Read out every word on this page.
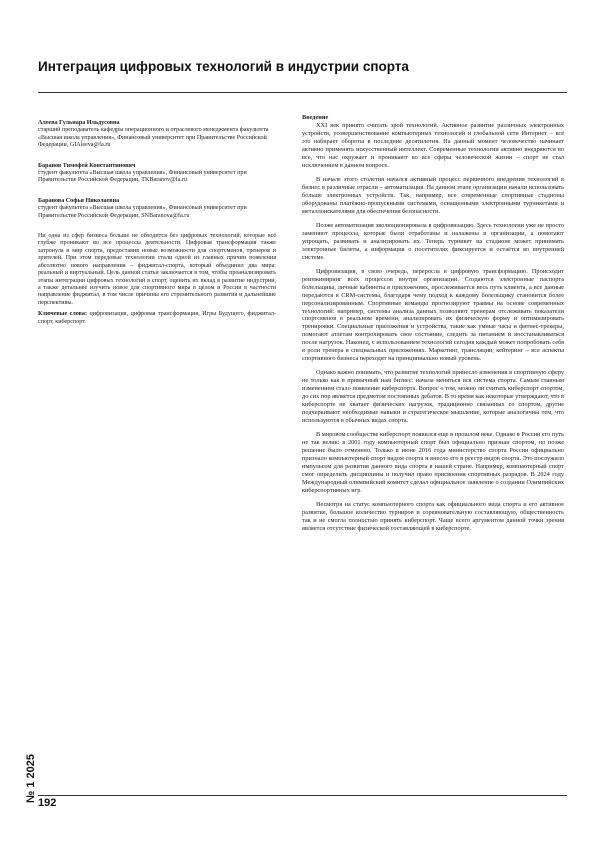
Интеграция цифровых технологий в индустрии спорта
Алеева Гульнара Ильдусовна
старший преподаватель кафедры операционного и отраслевого менеджмента факультета «Высшая школа управления», Финансовый университет при Правительстве Российской Федерации, GIAleeva@fa.ru
Баранов Тимофей Константинович
студент факультета «Высшая школа управления», Финансовый университет при Правительстве Российской Федерации, TKBaranov@fa.ru
Баранова Софья Николаевна
студент факультета «Высшая школа управления», Финансовый университет при Правительстве Российской Федерации, SNBaranova@fa.ru
Ни одна из сфер бизнеса больше не обходится без цифровых технологий, которые всё глубже проникают во все процессы деятельности. Цифровая трансформация также затронула и мир спорта, предоставив новые возможности для спортсменов, тренеров и зрителей. При этом передовые технологии стали одной из главных причин появления абсолютно нового направления – фиджитал-спорта, который объединил два мира: реальный и виртуальный. Цель данной статьи заключается в том, чтобы проанализировать этапы интеграции цифровых технологий в спорт, оценить их вклад в развитие индустрии, а также детальнее изучить новое для спортивного мира в целом и России в частности направление фиджитал, в том числе причины его стремительного развития и дальнейшие перспективы.
Ключевые слова: цифровизация, цифровая трансформация, Игры Будущего, фиджитал-спорт, киберспорт.
Введение

XXI век принято считать эрой технологий. Активное развитие различных электронных устройств, усовершенствование компьютерных технологий и глобальной сети Интернет – всё это набирает обороты в последние десятилетия. На данный момент человечество начинает активно применять искусственный интеллект. Современные технологии активно внедряются во все, что нас окружает и проникают во все сферы человеческой жизни – спорт не стал исключением в данном вопросе.

В начале этого столетия начался активный процесс первичного внедрения технологий в бизнес в различные отрасли – автоматизация. На данном этапе организации начали использовать больше электронных устройств. Так, например, все современные спортивные стадионы оборудованы платёжно-пропускными системами, оснащенными электронными турникетами и металлоискателями для обеспечения безопасности.

Позже автоматизация эволюционировала в цифровизацию. Здесь технологии уже не просто заменяют процессы, которые были отработаны и налажены в организации, а помогают упрощать, развивать и анализировать их. Теперь турникет на стадионе может принимать электронные билеты, а информация о посетителях фиксируется и остаётся во внутренней системе.

Цифровизация, в свою очередь, переросла в цифровую трансформацию. Происходит реинжиниринг всех процессов внутри организации. Создаются электронные паспорта болельщика, личные кабинеты в приложениях, прослеживается весь путь клиента, а все данные передаются в CRM-системы, благодаря чему подход к каждому болельщику становится более персонализированным. Спортивные команды прогнозируют травмы на основе современных технологий: например, системы анализа данных позволяют тренерам отслеживать показатели спортсменов в реальном времени, анализировать их физическую форму и оптимизировать тренировки. Специальные приложения и устройства, такие как умные часы и фитнес-трекеры, помогают атлетам контролировать свое состояние, следить за питанием и восстанавливаться после нагрузок. Наконец, с использованием технологий сегодня каждый может попробовать себя в роли тренера в специальных приложениях. Маркетинг, трансляции, кейтеринг – все аспекты спортивного бизнеса переходят на принципиально новый уровень.

Однако важно понимать, что развитие технологий принесло изменения в спортивную сферу не только как в привычный нам бизнес: начала меняться вся система спорта. Самым главным изменением стало появление киберспорта. Вопрос о том, можно ли считать киберспорт спортом, до сих пор является предметом постоянных дебатов. В то время как некоторые утверждают, что в киберспорте не хватает физических нагрузок, традиционно связанных со спортом, другие подчеркивают необходимые навыки и стратегическое мышление, которые аналогичны тем, что используются в обычных видах спорта.

В мировом сообществе киберспорт появился еще в прошлом веке. Однако в России его путь не так велик: в 2001 году компьютерный спорт был официально признан спортом, но позже решение было отменено. Только в июне 2016 года министерство спорта России официально признало компьютерный спорт видом спорта и внесло его в реестр видов спорта. Это послужило импульсом для развития данного вида спорта в нашей стране. Например, компьютерный спорт смог определить дисциплины и получил право присвоения спортивных разрядов. В 2024 году Международный олимпийский комитет сделал официальное заявление о создании Олимпийских киберспортивных игр.

Несмотря на статус компьютерного спорта как официального вида спорта и его активное развитие, большое количество турниров и соревновательную составляющую, общественность так и не смогла полностью принять киберспорт. Чаще всего аргументом данной точки зрения является отсутствие физической составляющей в киберспорте.

№ 1 2025 192
